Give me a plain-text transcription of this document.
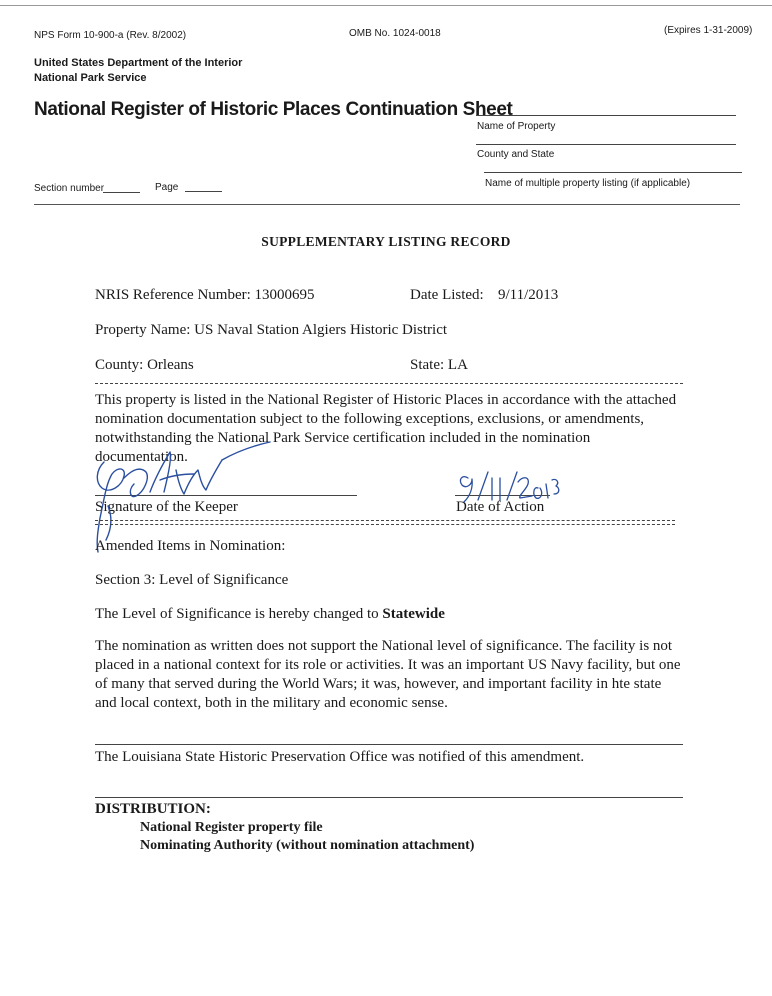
NPS Form 10-900-a (Rev. 8/2002)	OMB No. 1024-0018	(Expires 1-31-2009)
United States Department of the Interior
National Park Service
National Register of Historic Places Continuation Sheet
Name of Property
County and State
Name of multiple property listing (if applicable)
Section number	Page
SUPPLEMENTARY LISTING RECORD
NRIS Reference Number: 13000695	Date Listed: 9/11/2013
Property Name: US Naval Station Algiers Historic District
County: Orleans	State: LA
This property is listed in the National Register of Historic Places in accordance with the attached nomination documentation subject to the following exceptions, exclusions, or amendments, notwithstanding the National Park Service certification included in the nomination documentation.
Signature of the Keeper	Date of Action
Amended Items in Nomination:
Section 3: Level of Significance
The Level of Significance is hereby changed to Statewide
The nomination as written does not support the National level of significance. The facility is not placed in a national context for its role or activities. It was an important US Navy facility, but one of many that served during the World Wars; it was, however, and important facility in hte state and local context, both in the military and economic sense.
The Louisiana State Historic Preservation Office was notified of this amendment.
DISTRIBUTION:
National Register property file
Nominating Authority (without nomination attachment)
